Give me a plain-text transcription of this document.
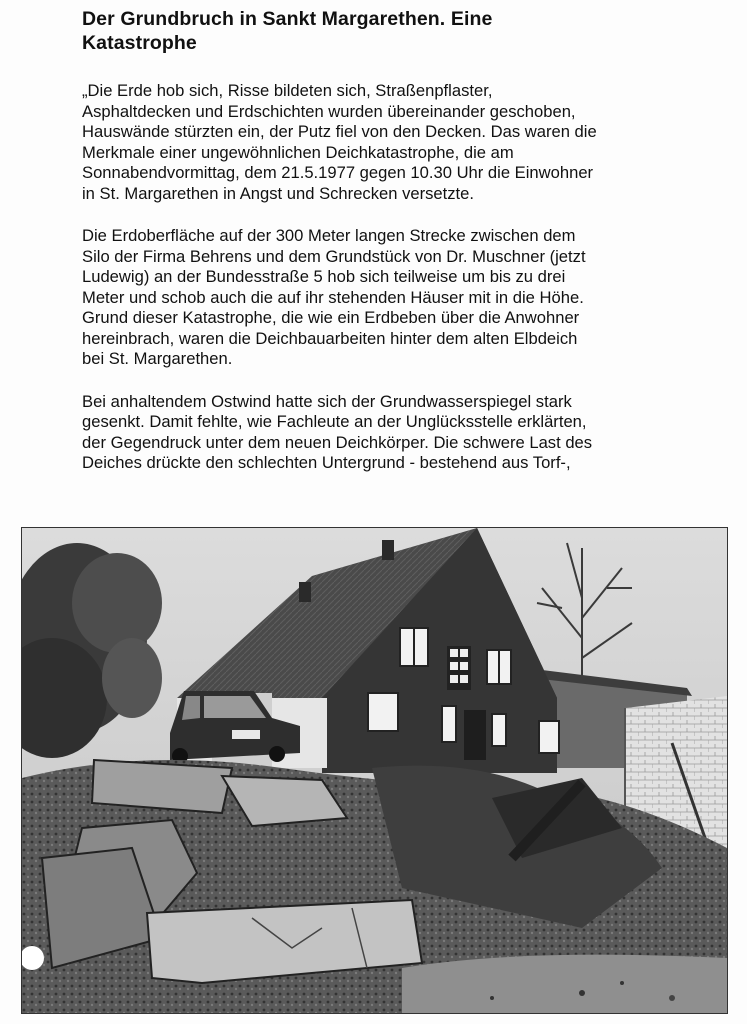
Der Grundbruch in Sankt Margarethen. Eine
Katastrophe

„Die Erde hob sich, Risse bildeten sich, Straßenpflaster,
Asphaltdecken und Erdschichten wurden übereinander geschoben,
Hauswände stürzten ein, der Putz fiel von den Decken. Das waren die
Merkmale einer ungewöhnlichen Deichkatastrophe, die am
Sonnabendvormittag, dem 21.5.1977 gegen 10.30 Uhr die Einwohner
in St. Margarethen in Angst und Schrecken versetzte.

Die Erdoberfläche auf der 300 Meter langen Strecke zwischen dem
Silo der Firma Behrens und dem Grundstück von Dr. Muschner (jetzt
Ludewig) an der Bundesstraße 5 hob sich teilweise um bis zu drei
Meter und schob auch die auf ihr stehenden Häuser mit in die Höhe.
Grund dieser Katastrophe, die wie ein Erdbeben über die Anwohner
hereinbrach, waren die Deichbauarbeiten hinter dem alten Elbdeich
bei St. Margarethen.

Bei anhaltendem Ostwind hatte sich der Grundwasserspiegel stark
gesenkt. Damit fehlte, wie Fachleute an der Unglücksstelle erklärten,
der Gegendruck unter dem neuen Deichkörper. Die schwere Last des
Deiches drückte den schlechten Untergrund - bestehend aus Torf-,
